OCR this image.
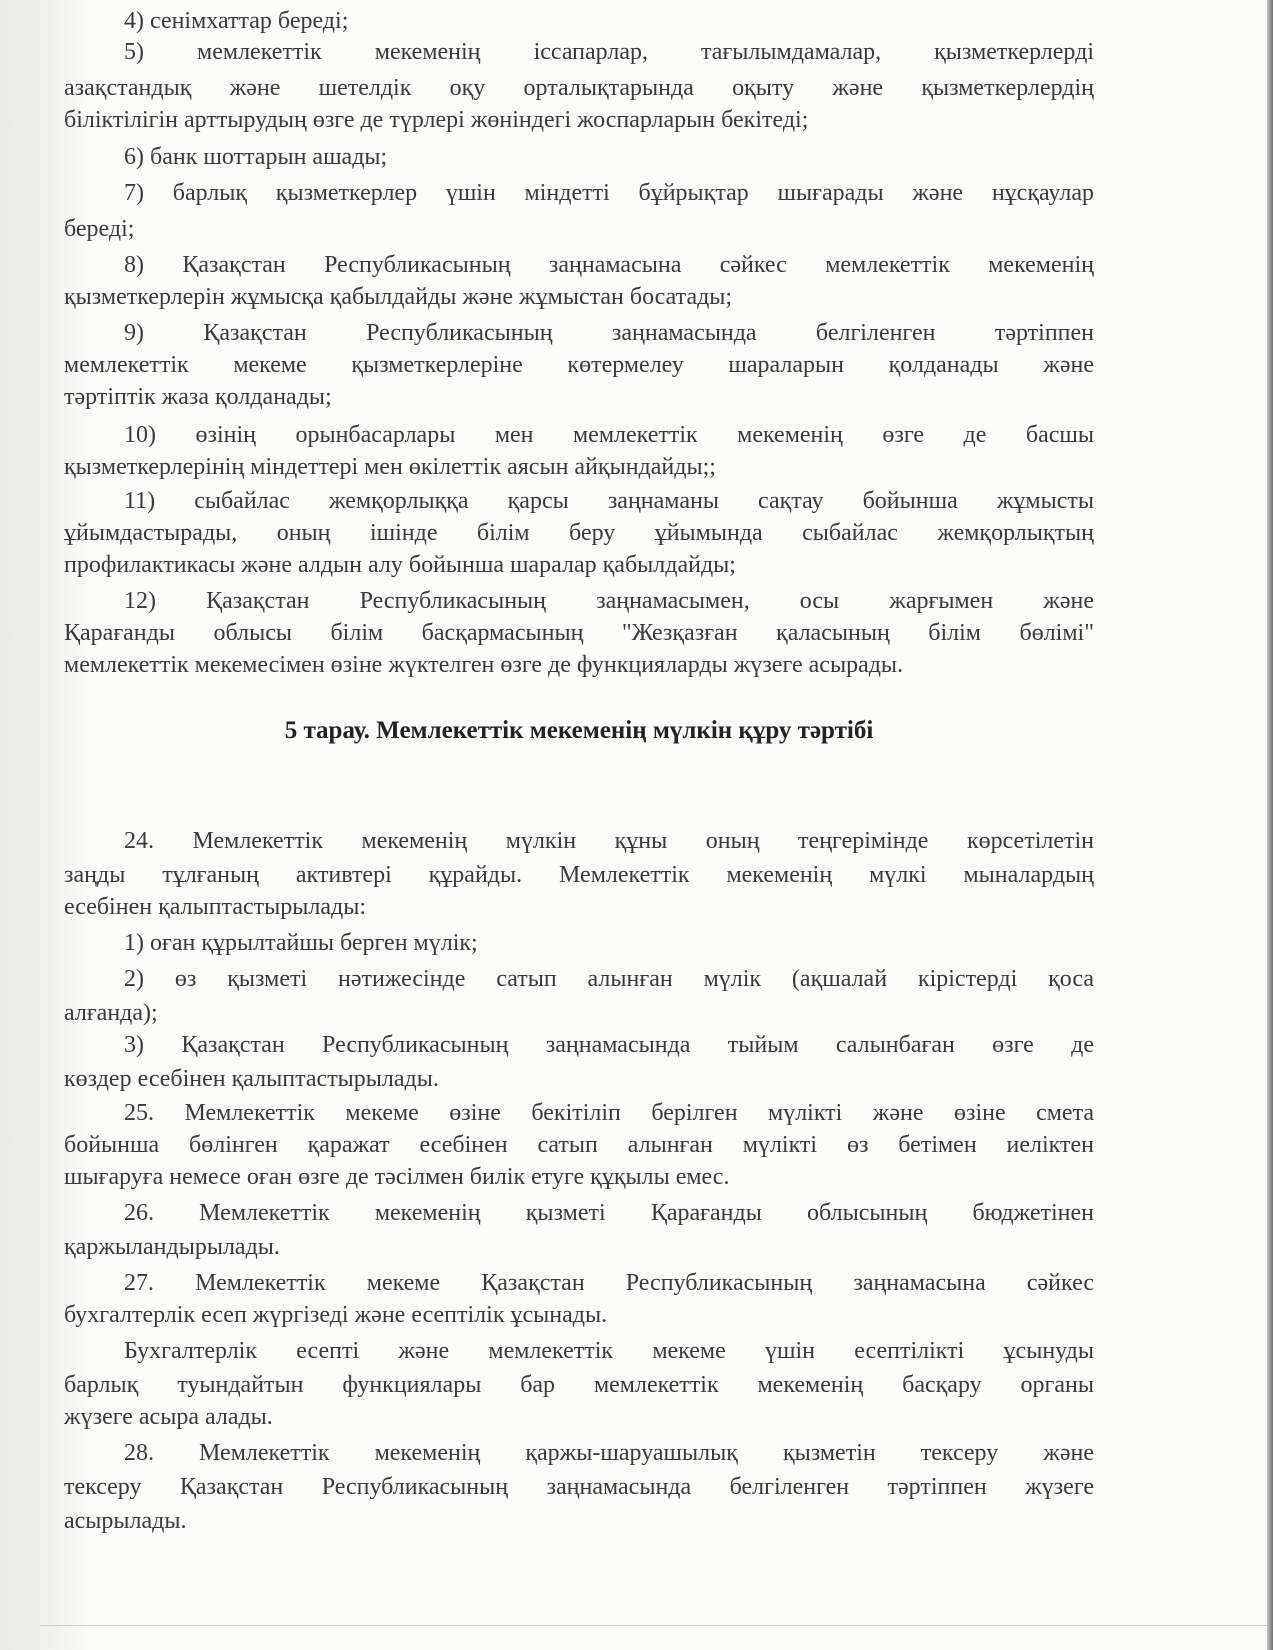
4) сенімхаттар береді;
5) мемлекеттік мекеменің іссапарлар, тағылымдамалар, қызметкерлерді
азақстандық және шетелдік оқу орталықтарында оқыту және қызметкерлердің
біліктілігін арттырудың өзге де түрлері жөніндегі жоспарларын бекітеді;
6) банк шоттарын ашады;
7) барлық қызметкерлер үшін міндетті бұйрықтар шығарады және нұсқаулар
береді;
8) Қазақстан Республикасының заңнамасына сәйкес мемлекеттік мекеменің
қызметкерлерін жұмысқа қабылдайды және жұмыстан босатады;
9) Қазақстан Республикасының заңнамасында белгіленген тәртіппен
мемлекеттік мекеме қызметкерлеріне көтермелеу шараларын қолданады және
тәртіптік жаза қолданады;
10) өзінің орынбасарлары мен мемлекеттік мекеменің өзге де басшы
қызметкерлерінің міндеттері мен өкілеттік аясын айқындайды;;
11) сыбайлас жемқорлыққа қарсы заңнаманы сақтау бойынша жұмысты
ұйымдастырады, оның ішінде білім беру ұйымында сыбайлас жемқорлықтың
профилактикасы және алдын алу бойынша шаралар қабылдайды;
12) Қазақстан Республикасының заңнамасымен, осы жарғымен және
Қарағанды облысы білім басқармасының "Жезқазған қаласының білім бөлімі"
мемлекеттік мекемесімен өзіне жүктелген өзге де функцияларды жүзеге асырады.
5 тарау. Мемлекеттік мекеменің мүлкін құру тәртібі
24. Мемлекеттік мекеменің мүлкін құны оның теңгерімінде көрсетілетін
заңды тұлғаның активтері құрайды. Мемлекеттік мекеменің мүлкі мыналардың
есебінен қалыптастырылады:
1) оған құрылтайшы берген мүлік;
2) өз қызметі нәтижесінде сатып алынған мүлік (ақшалай кірістерді қоса
алғанда);
3) Қазақстан Республикасының заңнамасында тыйым салынбаған өзге де
көздер есебінен қалыптастырылады.
25. Мемлекеттік мекеме өзіне бекітіліп берілген мүлікті және өзіне смета
бойынша бөлінген қаражат есебінен сатып алынған мүлікті өз бетімен иеліктен
шығаруға немесе оған өзге де тәсілмен билік етуге құқылы емес.
26. Мемлекеттік мекеменің қызметі Қарағанды облысының бюджетінен
қаржыландырылады.
27. Мемлекеттік мекеме Қазақстан Республикасының заңнамасына сәйкес
бухгалтерлік есеп жүргізеді және есептілік ұсынады.
Бухгалтерлік есепті және мемлекеттік мекеме үшін есептілікті ұсынуды
барлық туындайтын функциялары бар мемлекеттік мекеменің басқару органы
жүзеге асыра алады.
28. Мемлекеттік мекеменің қаржы-шаруашылық қызметін тексеру және
тексеру Қазақстан Республикасының заңнамасында белгіленген тәртіппен жүзеге
асырылады.
